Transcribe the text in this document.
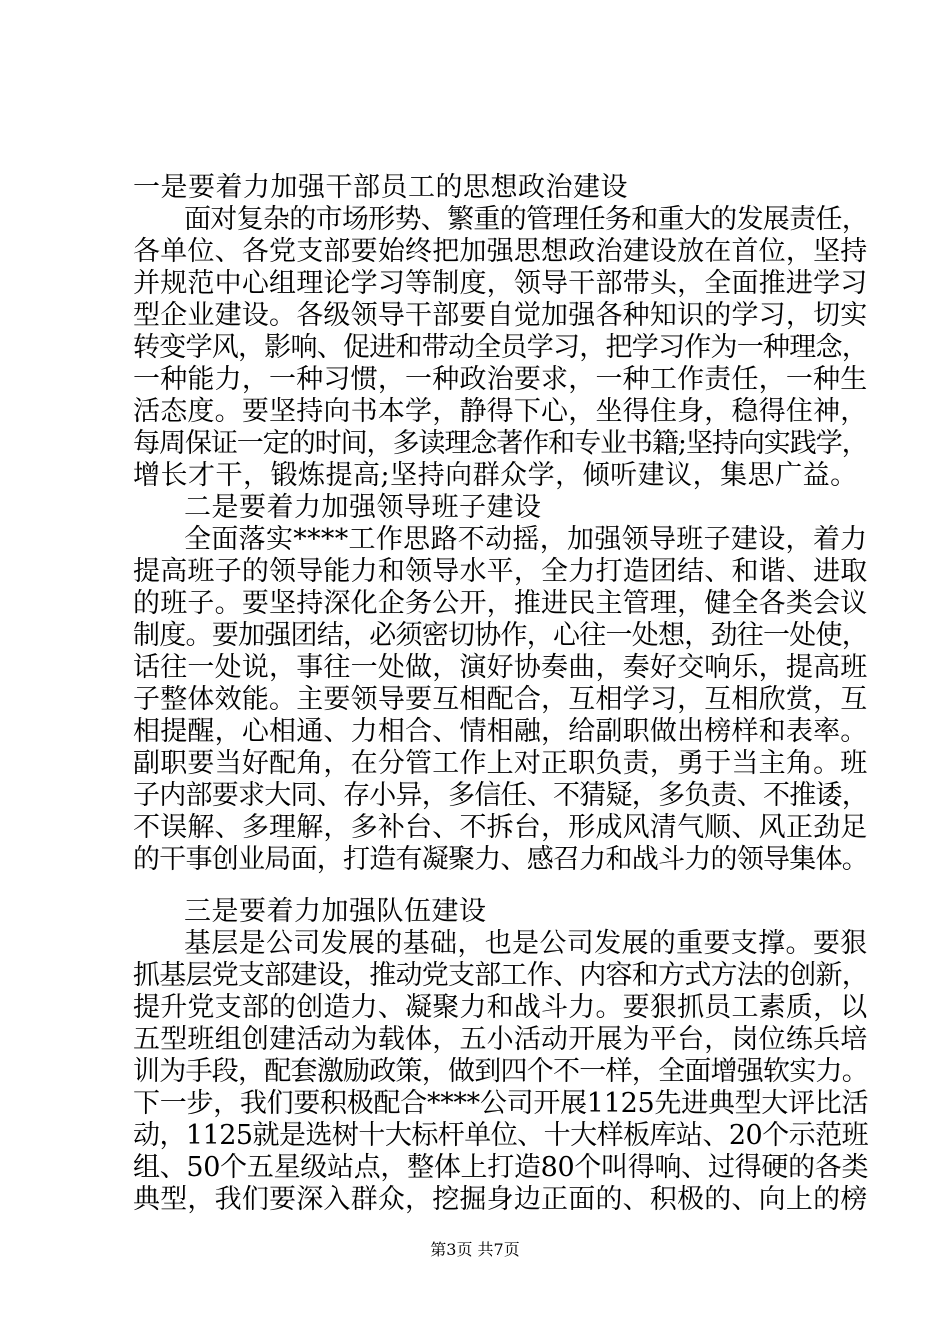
一是要着力加强干部员工的思想政治建设
面对复杂的市场形势、繁重的管理任务和重大的发展责任，
各单位、各党支部要始终把加强思想政治建设放在首位，坚持
并规范中心组理论学习等制度，领导干部带头，全面推进学习
型企业建设。各级领导干部要自觉加强各种知识的学习，切实
转变学风，影响、促进和带动全员学习，把学习作为一种理念，
一种能力，一种习惯，一种政治要求，一种工作责任，一种生
活态度。要坚持向书本学，静得下心，坐得住身，稳得住神，
每周保证一定的时间，多读理念著作和专业书籍;坚持向实践学，
增长才干，锻炼提高;坚持向群众学，倾听建议，集思广益。
二是要着力加强领导班子建设
全面落实****工作思路不动摇，加强领导班子建设，着力
提高班子的领导能力和领导水平，全力打造团结、和谐、进取
的班子。要坚持深化企务公开，推进民主管理，健全各类会议
制度。要加强团结，必须密切协作，心往一处想，劲往一处使，
话往一处说，事往一处做，演好协奏曲，奏好交响乐，提高班
子整体效能。主要领导要互相配合，互相学习，互相欣赏，互
相提醒，心相通、力相合、情相融，给副职做出榜样和表率。
副职要当好配角，在分管工作上对正职负责，勇于当主角。班
子内部要求大同、存小异，多信任、不猜疑，多负责、不推诿，
不误解、多理解，多补台、不拆台，形成风清气顺、风正劲足
的干事创业局面，打造有凝聚力、感召力和战斗力的领导集体。
三是要着力加强队伍建设
基层是公司发展的基础，也是公司发展的重要支撑。要狠
抓基层党支部建设，推动党支部工作、内容和方式方法的创新，
提升党支部的创造力、凝聚力和战斗力。要狠抓员工素质，以
五型班组创建活动为载体，五小活动开展为平台，岗位练兵培
训为手段，配套激励政策，做到四个不一样，全面增强软实力。
下一步，我们要积极配合****公司开展1125先进典型大评比活
动，1125就是选树十大标杆单位、十大样板库站、20个示范班
组、50个五星级站点，整体上打造80个叫得响、过得硬的各类
典型，我们要深入群众，挖掘身边正面的、积极的、向上的榜
第3页 共7页
